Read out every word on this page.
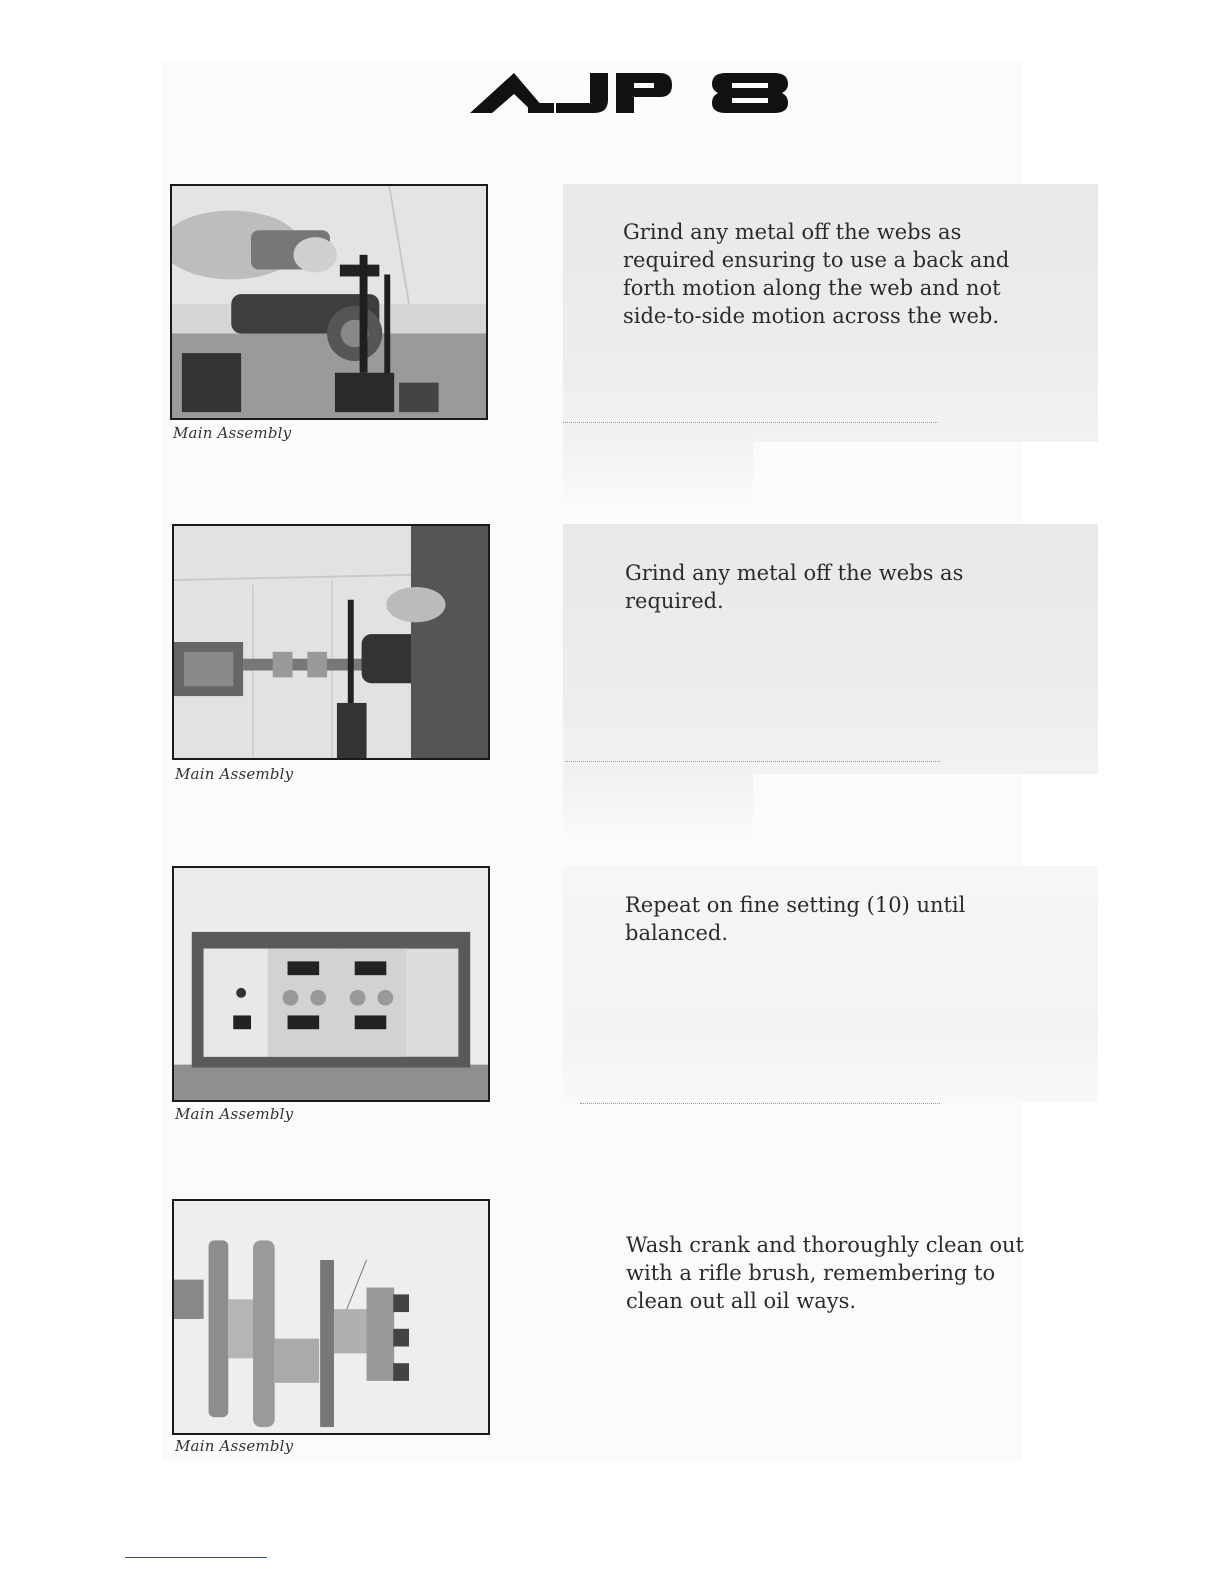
Main Assembly

Grind any metal off the webs as required ensuring to use a back and forth motion along the web and not side-to-side motion across the web.

Main Assembly

Grind any metal off the webs as required.

Main Assembly

Repeat on fine setting (10) until balanced.

Main Assembly

Wash crank and thoroughly clean out with a rifle brush, remembering to clean out all oil ways.
